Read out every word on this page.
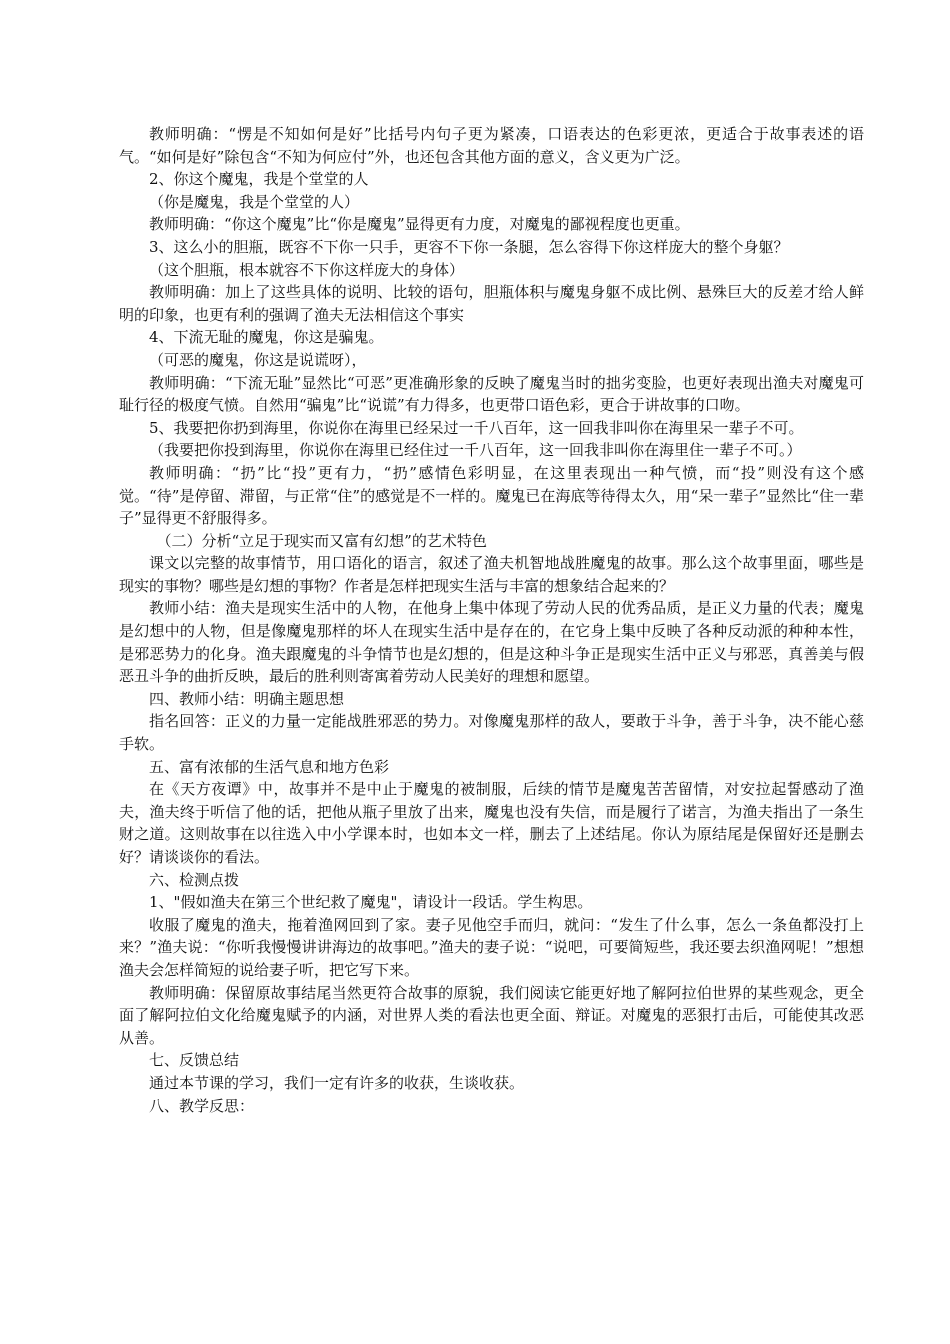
教师明确：“愣是不知如何是好”比括号内句子更为紧凑，口语表达的色彩更浓，更适合于故事表述的语气。“如何是好”除包含“不知为何应付”外，也还包含其他方面的意义，含义更为广泛。

2、你这个魔鬼，我是个堂堂的人

（你是魔鬼，我是个堂堂的人）

教师明确：“你这个魔鬼”比“你是魔鬼”显得更有力度，对魔鬼的鄙视程度也更重。

3、这么小的胆瓶，既容不下你一只手，更容不下你一条腿，怎么容得下你这样庞大的整个身躯？

（这个胆瓶，根本就容不下你这样庞大的身体）

教师明确：加上了这些具体的说明、比较的语句，胆瓶体积与魔鬼身躯不成比例、悬殊巨大的反差才给人鲜明的印象，也更有利的强调了渔夫无法相信这个事实

4、下流无耻的魔鬼，你这是骗鬼。

（可恶的魔鬼，你这是说谎呀），

教师明确：“下流无耻”显然比“可恶”更准确形象的反映了魔鬼当时的拙劣变脸，也更好表现出渔夫对魔鬼可耻行径的极度气愤。自然用“骗鬼”比“说谎”有力得多，也更带口语色彩，更合于讲故事的口吻。

5、我要把你扔到海里，你说你在海里已经呆过一千八百年，这一回我非叫你在海里呆一辈子不可。

（我要把你投到海里，你说你在海里已经住过一千八百年，这一回我非叫你在海里住一辈子不可。）

教师明确：“扔”比“投”更有力，“扔”感情色彩明显，在这里表现出一种气愤，而“投”则没有这个感觉。“待”是停留、滞留，与正常“住”的感觉是不一样的。魔鬼已在海底等待得太久，用“呆一辈子”显然比“住一辈子”显得更不舒服得多。

（二）分析“立足于现实而又富有幻想”的艺术特色

课文以完整的故事情节，用口语化的语言，叙述了渔夫机智地战胜魔鬼的故事。那么这个故事里面，哪些是现实的事物？哪些是幻想的事物？作者是怎样把现实生活与丰富的想象结合起来的？

教师小结：渔夫是现实生活中的人物，在他身上集中体现了劳动人民的优秀品质，是正义力量的代表；魔鬼是幻想中的人物，但是像魔鬼那样的坏人在现实生活中是存在的，在它身上集中反映了各种反动派的种种本性，是邪恶势力的化身。渔夫跟魔鬼的斗争情节也是幻想的，但是这种斗争正是现实生活中正义与邪恶，真善美与假恶丑斗争的曲折反映，最后的胜利则寄寓着劳动人民美好的理想和愿望。

四、教师小结：明确主题思想

指名回答：正义的力量一定能战胜邪恶的势力。对像魔鬼那样的敌人，要敢于斗争，善于斗争，决不能心慈手软。

五、富有浓郁的生活气息和地方色彩

在《天方夜谭》中，故事并不是中止于魔鬼的被制服，后续的情节是魔鬼苦苦留情，对安拉起誓感动了渔夫，渔夫终于听信了他的话，把他从瓶子里放了出来，魔鬼也没有失信，而是履行了诺言，为渔夫指出了一条生财之道。这则故事在以往选入中小学课本时，也如本文一样，删去了上述结尾。你认为原结尾是保留好还是删去好？请谈谈你的看法。

六、检测点拨

1、"假如渔夫在第三个世纪救了魔鬼"，请设计一段话。学生构思。

收服了魔鬼的渔夫，拖着渔网回到了家。妻子见他空手而归，就问：“发生了什么事，怎么一条鱼都没打上来？”渔夫说：“你听我慢慢讲讲海边的故事吧。”渔夫的妻子说：“说吧，可要简短些，我还要去织渔网呢！”想想渔夫会怎样简短的说给妻子听，把它写下来。

教师明确：保留原故事结尾当然更符合故事的原貌，我们阅读它能更好地了解阿拉伯世界的某些观念，更全面了解阿拉伯文化给魔鬼赋予的内涵，对世界人类的看法也更全面、辩证。对魔鬼的恶狠打击后，可能使其改恶从善。

七、反馈总结

通过本节课的学习，我们一定有许多的收获，生谈收获。

八、教学反思：
